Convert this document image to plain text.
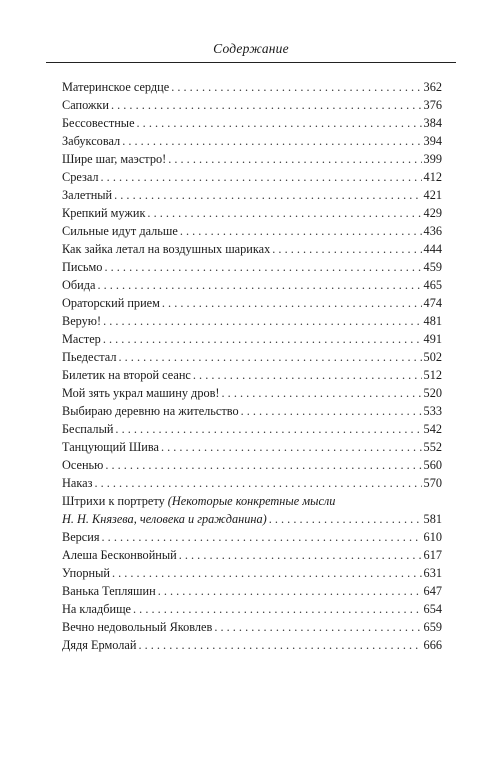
Содержание
Материнское сердце . . .	362
Сапожки . . .	376
Бессовестные . . .	384
Забуксовал . . .	394
Шире шаг, маэстро! . . .	399
Срезал . . .	412
Залетный . . .	421
Крепкий мужик . . .	429
Сильные идут дальше . . .	436
Как зайка летал на воздушных шариках . . .	444
Письмо . . .	459
Обида . . .	465
Ораторский прием . . .	474
Верую! . . .	481
Мастер . . .	491
Пьедестал . . .	502
Билетик на второй сеанс . . .	512
Мой зять украл машину дров! . . .	520
Выбираю деревню на жительство . . .	533
Беспалый . . .	542
Танцующий Шива . . .	552
Осенью . . .	560
Наказ . . .	570
Штрихи к портрету (Некоторые конкретные мысли
Н. Н. Князева, человека и гражданина) . . .	581
Версия . . .	610
Алеша Бесконвойный . . .	617
Упорный . . .	631
Ванька Тепляшин . . .	647
На кладбище . . .	654
Вечно недовольный Яковлев . . .	659
Дядя Ермолай . . .	666
